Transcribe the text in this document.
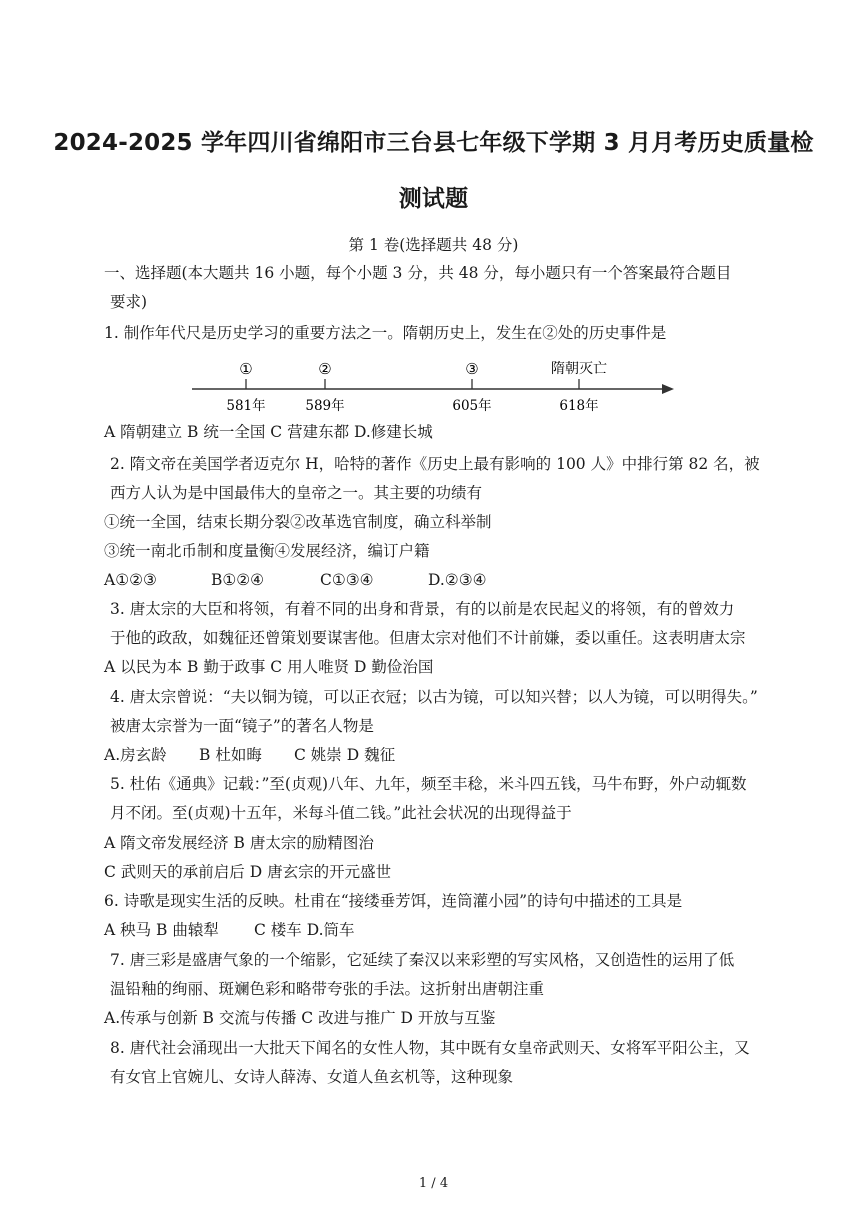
2024-2025 学年四川省绵阳市三台县七年级下学期 3 月月考历史质量检
测试题
第 1 卷(选择题共 48 分)
一、选择题(本大题共 16 小题，每个小题 3 分，共 48 分，每小题只有一个答案最符合题目
要求)
1. 制作年代尺是历史学习的重要方法之一。隋朝历史上，发生在②处的历史事件是
①	②	③	隋朝灭亡
581年	589年	605年	618年
A 隋朝建立 B 统一全国 C 营建东都 D.修建长城
2. 隋文帝在美国学者迈克尔 H，哈特的著作《历史上最有影响的 100 人》中排行第 82 名，被
西方人认为是中国最伟大的皇帝之一。其主要的功绩有
①统一全国，结束长期分裂②改革选官制度，确立科举制
③统一南北币制和度量衡④发展经济，编订户籍
A①②③	B①②④	C①③④	D.②③④
3. 唐太宗的大臣和将领，有着不同的出身和背景，有的以前是农民起义的将领，有的曾效力
于他的政敌，如魏征还曾策划要谋害他。但唐太宗对他们不计前嫌，委以重任。这表明唐太宗
A 以民为本 B 勤于政事 C 用人唯贤 D 勤俭治国
4. 唐太宗曾说：“夫以铜为镜，可以正衣冠；以古为镜，可以知兴替；以人为镜，可以明得失。”
被唐太宗誉为一面“镜子”的著名人物是
A.房玄龄 B 杜如晦 C 姚崇 D 魏征
5. 杜佑《通典》记载：”至(贞观)八年、九年，频至丰稔，米斗四五钱，马牛布野，外户动辄数
月不闭。至(贞观)十五年，米每斗值二钱。”此社会状况的出现得益于
A 隋文帝发展经济 B 唐太宗的励精图治
C 武则天的承前启后 D 唐玄宗的开元盛世
6. 诗歌是现实生活的反映。杜甫在“接缕垂芳饵，连筒灌小园”的诗句中描述的工具是
A 秧马 B 曲辕犁 C 楼车 D.筒车
7. 唐三彩是盛唐气象的一个缩影，它延续了秦汉以来彩塑的写实风格，又创造性的运用了低
温铅釉的绚丽、斑斓色彩和略带夸张的手法。这折射出唐朝注重
A.传承与创新 B 交流与传播 C 改进与推广 D 开放与互鉴
8. 唐代社会涌现出一大批天下闻名的女性人物，其中既有女皇帝武则天、女将军平阳公主，又
有女官上官婉儿、女诗人薛涛、女道人鱼玄机等，这种现象
1 / 4
